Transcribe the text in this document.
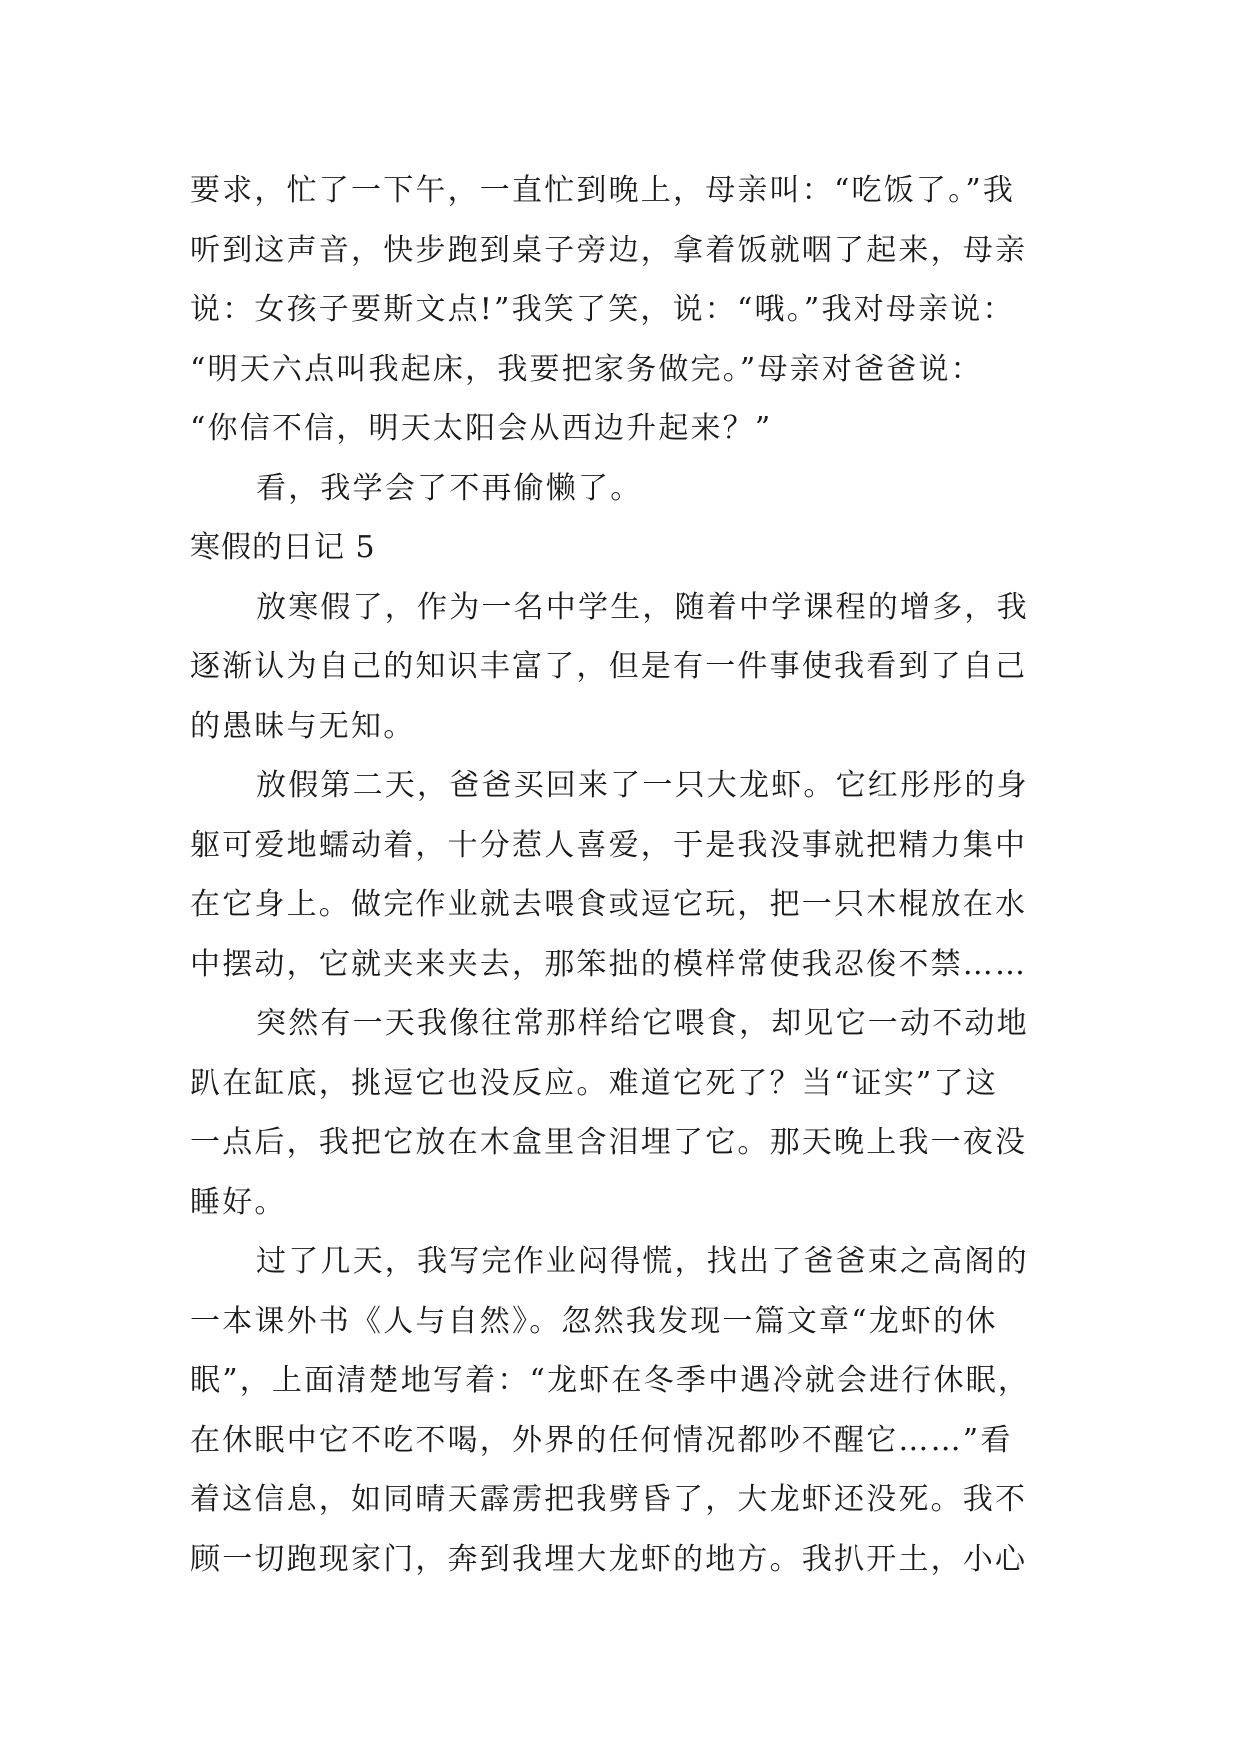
要求，忙了一下午，一直忙到晚上，母亲叫：“吃饭了。”我
听到这声音，快步跑到桌子旁边，拿着饭就咽了起来，母亲
说：女孩子要斯文点!”我笑了笑，说：“哦。”我对母亲说：
“明天六点叫我起床，我要把家务做完。”母亲对爸爸说：
“你信不信，明天太阳会从西边升起来？”
看，我学会了不再偷懒了。
寒假的日记 5
放寒假了，作为一名中学生，随着中学课程的增多，我
逐渐认为自己的知识丰富了，但是有一件事使我看到了自己
的愚昧与无知。
放假第二天，爸爸买回来了一只大龙虾。它红彤彤的身
躯可爱地蠕动着，十分惹人喜爱，于是我没事就把精力集中
在它身上。做完作业就去喂食或逗它玩，把一只木棍放在水
中摆动，它就夹来夹去，那笨拙的模样常使我忍俊不禁……
突然有一天我像往常那样给它喂食，却见它一动不动地
趴在缸底，挑逗它也没反应。难道它死了？当“证实”了这
一点后，我把它放在木盒里含泪埋了它。那天晚上我一夜没
睡好。
过了几天，我写完作业闷得慌，找出了爸爸束之高阁的
一本课外书《人与自然》。忽然我发现一篇文章“龙虾的休
眠”，上面清楚地写着：“龙虾在冬季中遇冷就会进行休眠，
在休眠中它不吃不喝，外界的任何情况都吵不醒它……”看
着这信息，如同晴天霹雳把我劈昏了，大龙虾还没死。我不
顾一切跑现家门，奔到我埋大龙虾的地方。我扒开土，小心
